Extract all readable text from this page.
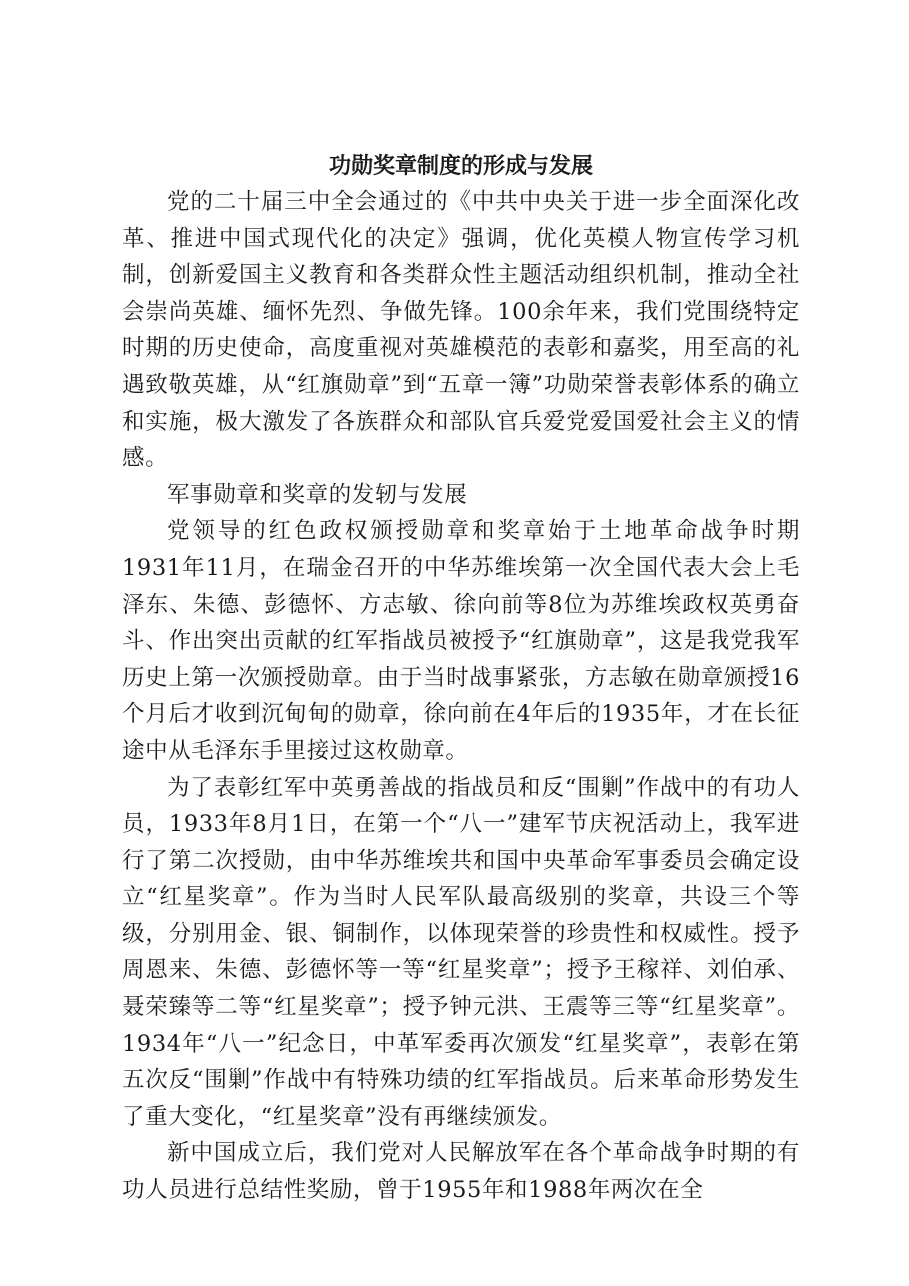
功勋奖章制度的形成与发展

党的二十届三中全会通过的《中共中央关于进一步全面深化改革、推进中国式现代化的决定》强调，优化英模人物宣传学习机制，创新爱国主义教育和各类群众性主题活动组织机制，推动全社会崇尚英雄、缅怀先烈、争做先锋。100余年来，我们党围绕特定时期的历史使命，高度重视对英雄模范的表彰和嘉奖，用至高的礼遇致敬英雄，从“红旗勋章”到“五章一簿”功勋荣誉表彰体系的确立和实施，极大激发了各族群众和部队官兵爱党爱国爱社会主义的情感。

军事勋章和奖章的发轫与发展

党领导的红色政权颁授勋章和奖章始于土地革命战争时期1931年11月，在瑞金召开的中华苏维埃第一次全国代表大会上毛泽东、朱德、彭德怀、方志敏、徐向前等8位为苏维埃政权英勇奋斗、作出突出贡献的红军指战员被授予“红旗勋章”，这是我党我军历史上第一次颁授勋章。由于当时战事紧张，方志敏在勋章颁授16个月后才收到沉甸甸的勋章，徐向前在4年后的1935年，才在长征途中从毛泽东手里接过这枚勋章。

为了表彰红军中英勇善战的指战员和反“围剿”作战中的有功人员，1933年8月1日，在第一个“八一”建军节庆祝活动上，我军进行了第二次授勋，由中华苏维埃共和国中央革命军事委员会确定设立“红星奖章”。作为当时人民军队最高级别的奖章，共设三个等级，分别用金、银、铜制作，以体现荣誉的珍贵性和权威性。授予周恩来、朱德、彭德怀等一等“红星奖章”；授予王稼祥、刘伯承、聂荣臻等二等“红星奖章”；授予钟元洪、王震等三等“红星奖章”。1934年“八一”纪念日，中革军委再次颁发“红星奖章”，表彰在第五次反“围剿”作战中有特殊功绩的红军指战员。后来革命形势发生了重大变化，“红星奖章”没有再继续颁发。

新中国成立后，我们党对人民解放军在各个革命战争时期的有功人员进行总结性奖励，曾于1955年和1988年两次在全
